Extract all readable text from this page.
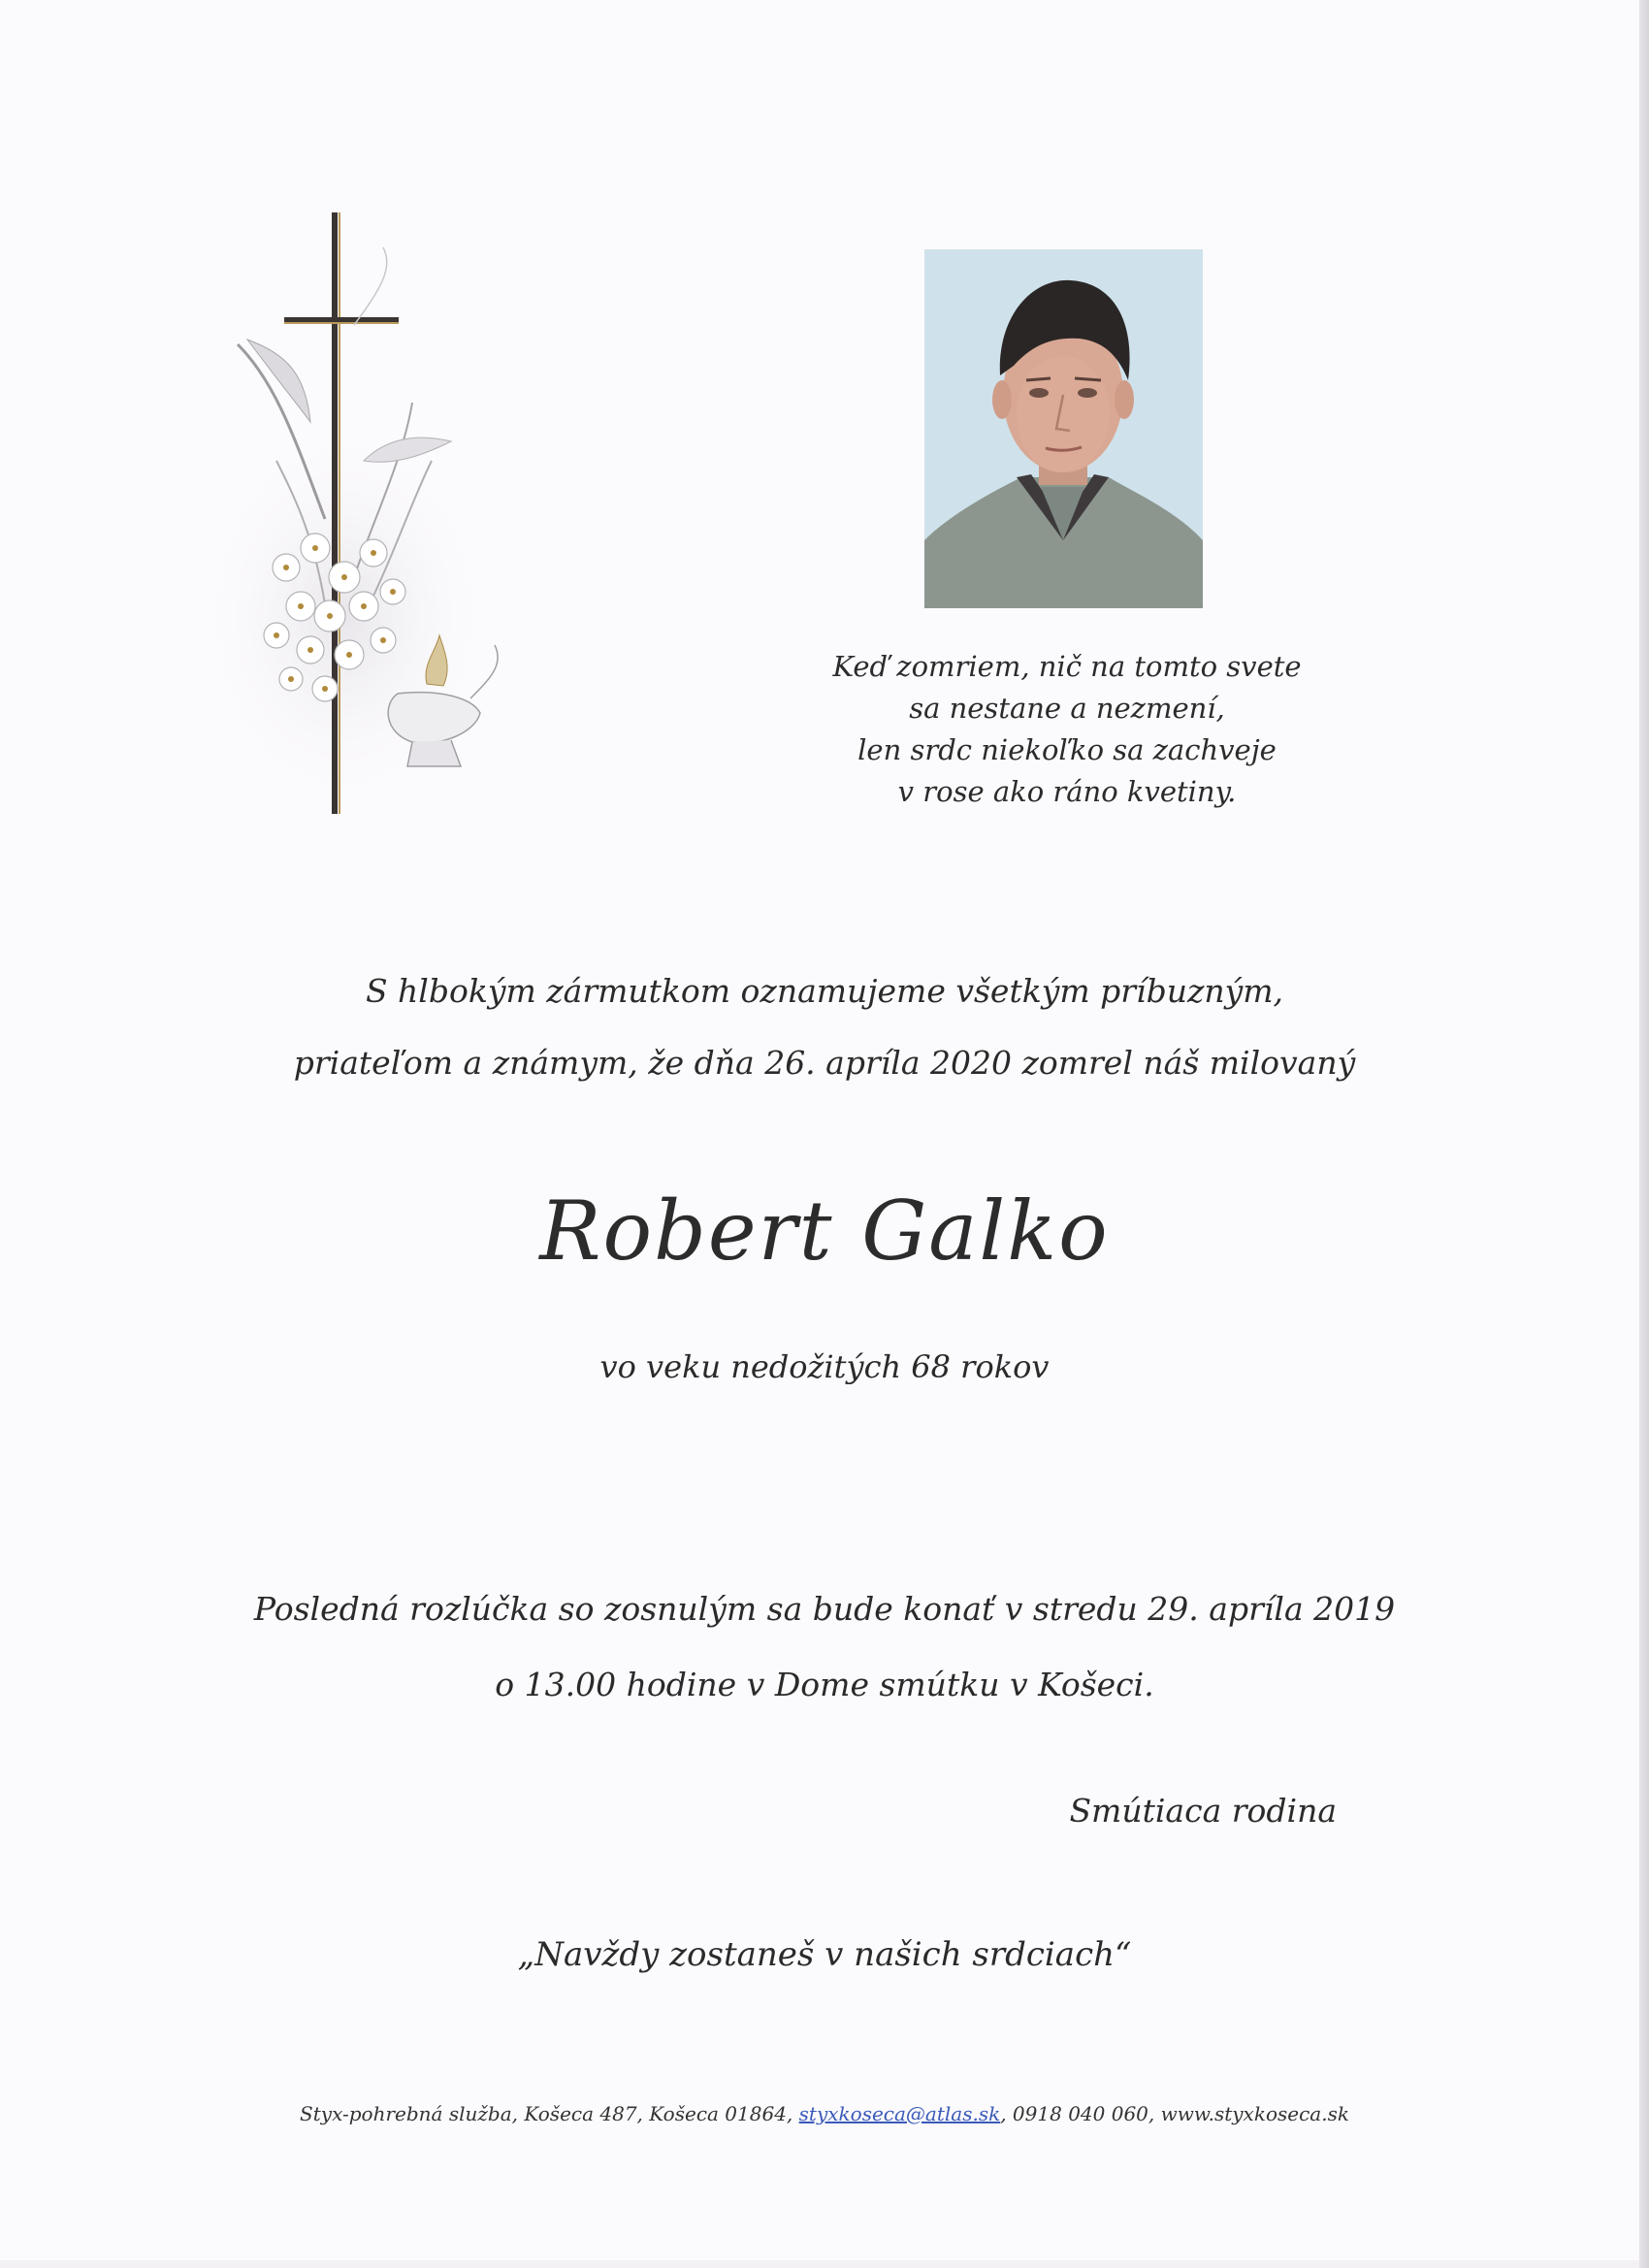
Keď zomriem, nič na tomto svete
sa nestane a nezmení,
len srdc niekoľko sa zachveje
v rose ako ráno kvetiny.
S hlbokým zármutkom oznamujeme všetkým príbuzným,
priateľom a známym, že dňa 26. apríla 2020 zomrel náš milovaný
Robert Galko
vo veku nedožitých 68 rokov
Posledná rozlúčka so zosnulým sa bude konať v stredu 29. apríla 2019
o 13.00 hodine v Dome smútku v Košeci.
Smútiaca rodina
„Navždy zostaneš v našich srdciach“
Styx-pohrebná služba, Košeca 487, Košeca 01864, styxkoseca@atlas.sk, 0918 040 060, www.styxkoseca.sk
